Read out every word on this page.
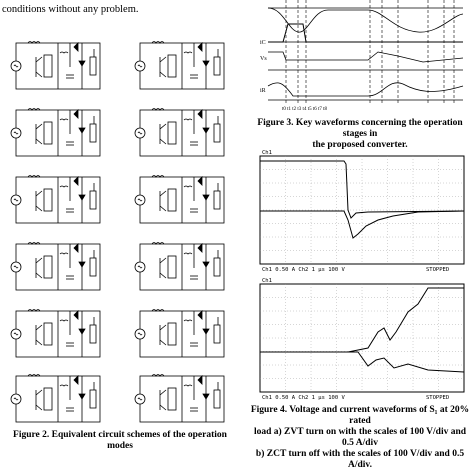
conditions without any problem.
Figure 2. Equivalent circuit schemes of the operation modes
iC
Vs
iR
t0 t1 t2 t3 t4 t5 t6 t7 t8
Figure 3. Key waveforms concerning the operation stages in
the proposed converter.
Ch1
Ch1 0.50 A Ch2 1 μs 100 V	STOPPED
Ch1
Ch1 0.50 A Ch2 1 μs 100 V	STOPPED
Figure 4. Voltage and current waveforms of S₁ at 20% rated
load a) ZVT turn on with the scales of 100 V/div and 0.5 A/div
b) ZCT turn off with the scales of 100 V/div and 0.5 A/div.
